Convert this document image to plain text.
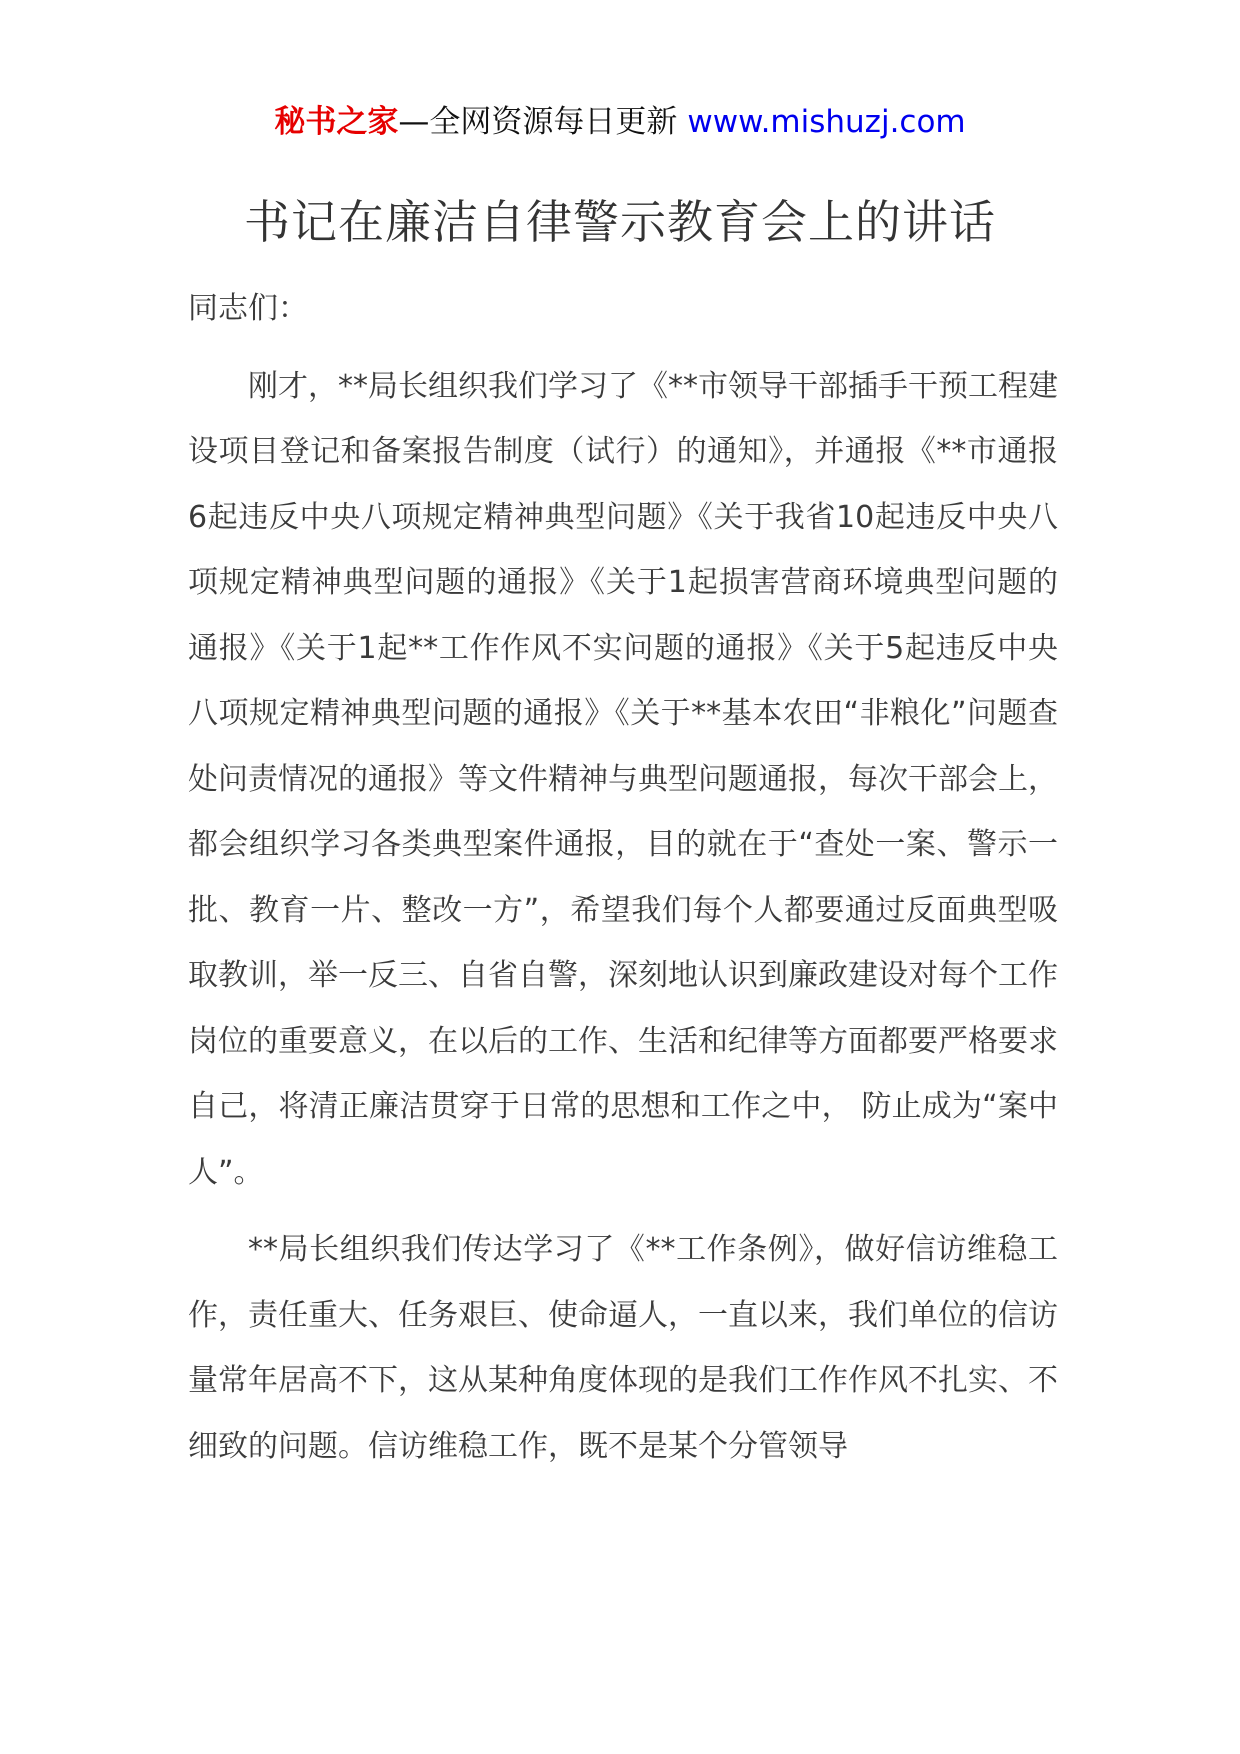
秘书之家—全网资源每日更新 www.mishuzj.com
书记在廉洁自律警示教育会上的讲话

同志们：

刚才，**局长组织我们学习了《**市领导干部插手干预工程建设项目登记和备案报告制度（试行）的通知》，并通报《**市通报6起违反中央八项规定精神典型问题》《关于我省10起违反中央八项规定精神典型问题的通报》《关于1起损害营商环境典型问题的通报》《关于1起**工作作风不实问题的通报》《关于5起违反中央八项规定精神典型问题的通报》《关于**基本农田“非粮化”问题查处问责情况的通报》等文件精神与典型问题通报，每次干部会上，都会组织学习各类典型案件通报，目的就在于“查处一案、警示一批、教育一片、整改一方”，希望我们每个人都要通过反面典型吸取教训，举一反三、自省自警，深刻地认识到廉政建设对每个工作岗位的重要意义，在以后的工作、生活和纪律等方面都要严格要求自己，将清正廉洁贯穿于日常的思想和工作之中， 防止成为“案中人”。

**局长组织我们传达学习了《**工作条例》，做好信访维稳工作，责任重大、任务艰巨、使命逼人，一直以来，我们单位的信访量常年居高不下，这从某种角度体现的是我们工作作风不扎实、不细致的问题。信访维稳工作，既不是某个分管领导
